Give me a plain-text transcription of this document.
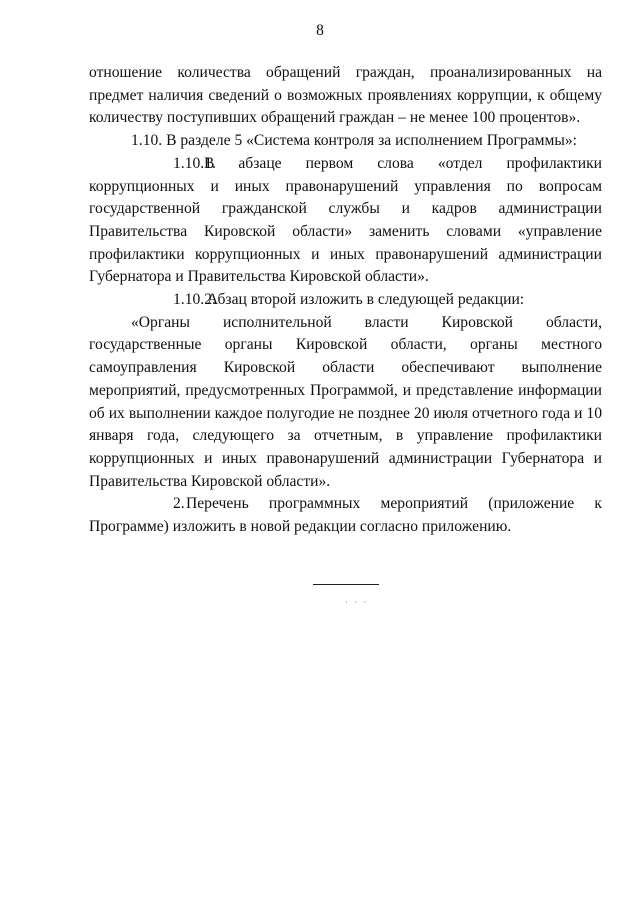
8

отношение количества обращений граждан, проанализированных на предмет наличия сведений о возможных проявлениях коррупции, к общему количеству поступивших обращений граждан – не менее 100 процентов».

1.10. В разделе 5 «Система контроля за исполнением Программы»:

1.10.1.В абзаце первом слова «отдел профилактики коррупционных и иных правонарушений управления по вопросам государственной гражданской службы и кадров администрации Правительства Кировской области» заменить словами «управление профилактики коррупционных и иных правонарушений администрации Губернатора и Правительства Кировской области».

1.10.2.Абзац второй изложить в следующей редакции:

«Органы исполнительной власти Кировской области, государственные органы Кировской области, органы местного самоуправления Кировской области обеспечивают выполнение мероприятий, предусмотренных Программой, и представление информации об их выполнении каждое полугодие не позднее 20 июля отчетного года и 10 января года, следующего за отчетным, в управление профилактики коррупционных и иных правонарушений администрации Губернатора и Правительства Кировской области».

2.Перечень программных мероприятий (приложение к Программе) изложить в новой редакции согласно приложению.

· · ·
